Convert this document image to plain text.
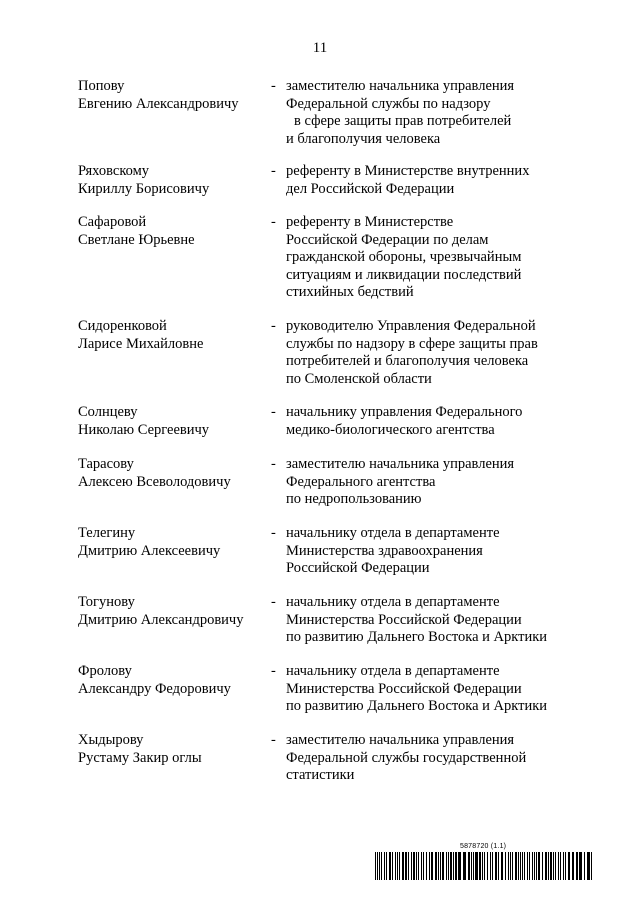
11
Попову
Евгению Александровичу
- заместителю начальника управления
Федеральной службы по надзору
в сфере защиты прав потребителей
и благополучия человека
Ряховскому
Кириллу Борисовичу
- референту в Министерстве внутренних
дел Российской Федерации
Сафаровой
Светлане Юрьевне
- референту в Министерстве
Российской Федерации по делам
гражданской обороны, чрезвычайным
ситуациям и ликвидации последствий
стихийных бедствий
Сидоренковой
Ларисе Михайловне
- руководителю Управления Федеральной
службы по надзору в сфере защиты прав
потребителей и благополучия человека
по Смоленской области
Солнцеву
Николаю Сергеевичу
- начальнику управления Федерального
медико-биологического агентства
Тарасову
Алексею Всеволодовичу
- заместителю начальника управления
Федерального агентства
по недропользованию
Телегину
Дмитрию Алексеевичу
- начальнику отдела в департаменте
Министерства здравоохранения
Российской Федерации
Тогунову
Дмитрию Александровичу
- начальнику отдела в департаменте
Министерства Российской Федерации
по развитию Дальнего Востока и Арктики
Фролову
Александру Федоровичу
- начальнику отдела в департаменте
Министерства Российской Федерации
по развитию Дальнего Востока и Арктики
Хыдырову
Рустаму Закир оглы
- заместителю начальника управления
Федеральной службы государственной
статистики
5878720 (1.1)
